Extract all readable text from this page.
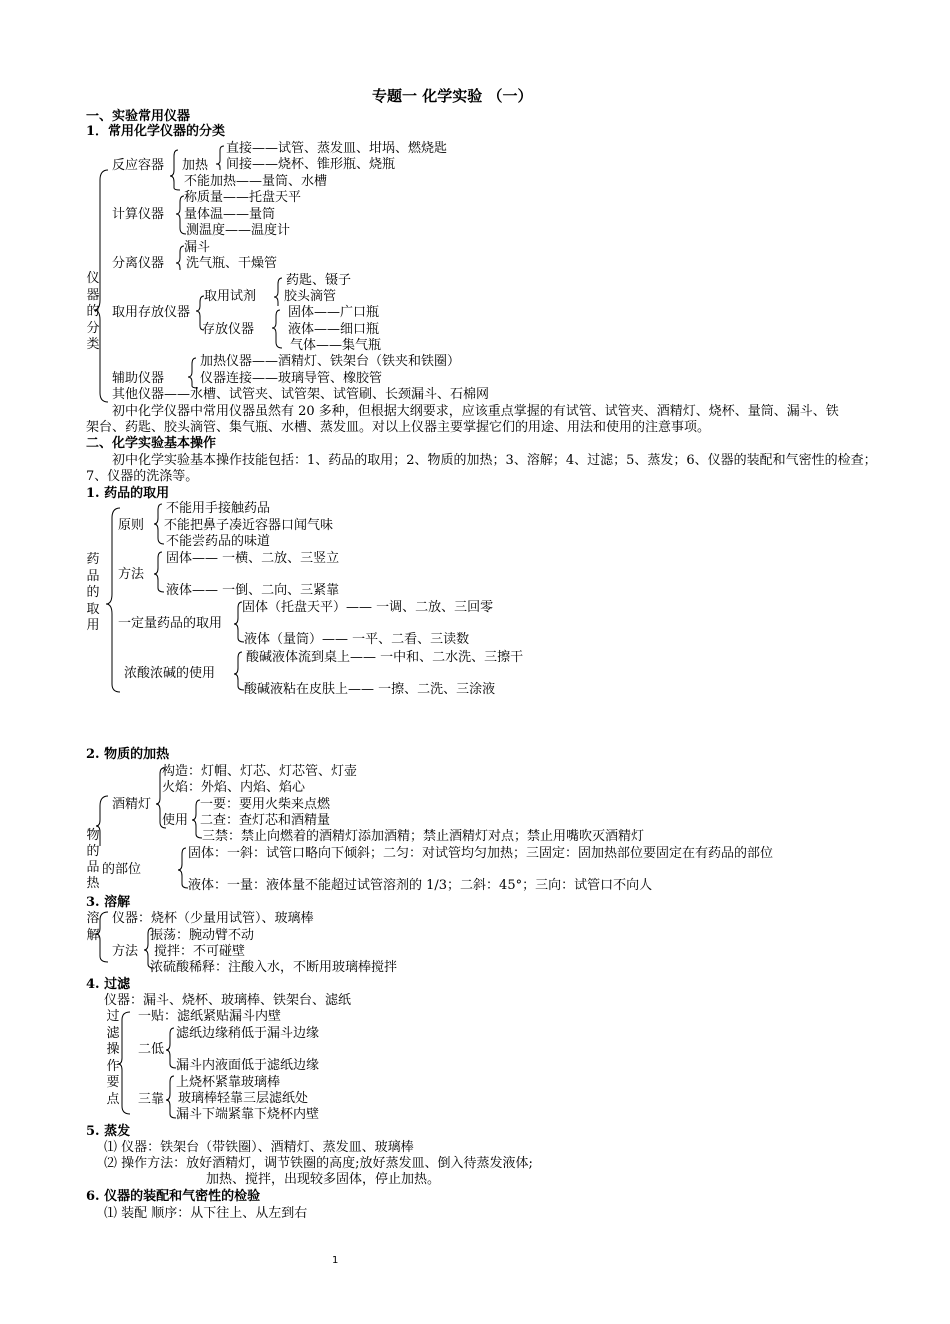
专题一 化学实验 （一）
一、实验常用仪器
1．常用化学仪器的分类
仪器的分类
反应容器 加热
直接——试管、蒸发皿、坩埚、燃烧匙
间接——烧杯、锥形瓶、烧瓶
不能加热——量筒、水槽
计算仪器
称质量——托盘天平
量体温——量筒
测温度——温度计
分离仪器
漏斗
洗气瓶、干燥管
取用存放仪器
取用试剂
药匙、镊子
胶头滴管
存放仪器
固体——广口瓶
液体——细口瓶
气体——集气瓶
辅助仪器
加热仪器——酒精灯、铁架台（铁夹和铁圈）
仪器连接——玻璃导管、橡胶管
其他仪器——水槽、试管夹、试管架、试管刷、长颈漏斗、石棉网
初中化学仪器中常用仪器虽然有 20 多种，但根据大纲要求，应该重点掌握的有试管、试管夹、酒精灯、烧杯、量筒、漏斗、铁
架台、药匙、胶头滴管、集气瓶、水槽、蒸发皿。对以上仪器主要掌握它们的用途、用法和使用的注意事项。
二、化学实验基本操作
初中化学实验基本操作技能包括：1、药品的取用；2、物质的加热；3、溶解；4、过滤；5、蒸发；6、仪器的装配和气密性的检查；
7、仪器的洗涤等。
1. 药品的取用
药品的取用
原则
不能用手接触药品
不能把鼻子凑近容器口闻气味
不能尝药品的味道
方法
固体—— 一横、二放、三竖立
液体—— 一倒、二向、三紧靠
一定量药品的取用
固体（托盘天平）—— 一调、二放、三回零
液体（量筒）—— 一平、二看、三读数
浓酸浓碱的使用
酸碱液体流到桌上—— 一中和、二水洗、三擦干
酸碱液粘在皮肤上—— 一擦、二洗、三涂液
2. 物质的加热
物的品热
酒精灯
构造：灯帽、灯芯、灯芯管、灯壶
火焰：外焰、内焰、焰心
使用
一要：要用火柴来点燃
二查：查灯芯和酒精量
三禁：禁止向燃着的酒精灯添加酒精；禁止酒精灯对点；禁止用嘴吹灭酒精灯
的部位
固体：一斜：试管口略向下倾斜；二匀：对试管均匀加热；三固定：固加热部位要固定在有药品的部位
液体：一量：液体量不能超过试管溶剂的 1/3；二斜：45°；三向：试管口不向人
3. 溶解
溶解
仪器：烧杯（少量用试管）、玻璃棒
方法
振荡：腕动臂不动
搅拌：不可碰壁
浓硫酸稀释：注酸入水，不断用玻璃棒搅拌
4. 过滤
仪器：漏斗、烧杯、玻璃棒、铁架台、滤纸
过滤操作要点
一贴：滤纸紧贴漏斗内壁
二低
滤纸边缘稍低于漏斗边缘
漏斗内液面低于滤纸边缘
三靠
上烧杯紧靠玻璃棒
玻璃棒轻靠三层滤纸处
漏斗下端紧靠下烧杯内壁
5. 蒸发
⑴ 仪器：铁架台（带铁圈）、酒精灯、蒸发皿、玻璃棒
⑵ 操作方法：放好酒精灯，调节铁圈的高度;放好蒸发皿、倒入待蒸发液体;
加热、搅拌，出现较多固体，停止加热。
6. 仪器的装配和气密性的检验
⑴ 装配 顺序：从下往上、从左到右
1
